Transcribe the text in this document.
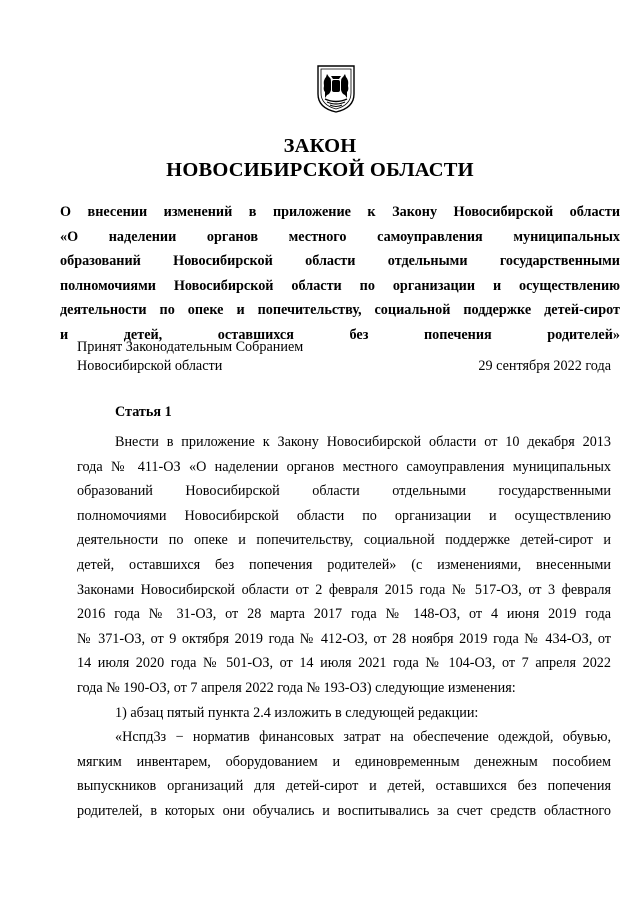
ЗАКОН
НОВОСИБИРСКОЙ ОБЛАСТИ
О внесении изменений в приложение к Закону Новосибирской области
«О наделении органов местного самоуправления муниципальных
образований Новосибирской области отдельными государственными
полномочиями Новосибирской области по организации и осуществлению
деятельности по опеке и попечительству, социальной поддержке детей-сирот
и детей, оставшихся без попечения родителей»
Принят Законодательным Собранием
Новосибирской области	29 сентября 2022 года
Статья 1
Внести в приложение к Закону Новосибирской области от 10 декабря 2013
года № 411-ОЗ «О наделении органов местного самоуправления муниципальных
образований Новосибирской области отдельными государственными
полномочиями Новосибирской области по организации и осуществлению
деятельности по опеке и попечительству, социальной поддержке детей-сирот и
детей, оставшихся без попечения родителей» (с изменениями, внесенными
Законами Новосибирской области от 2 февраля 2015 года № 517-ОЗ, от 3 февраля
2016 года № 31-ОЗ, от 28 марта 2017 года № 148-ОЗ, от 4 июня 2019 года
№ 371-ОЗ, от 9 октября 2019 года № 412-ОЗ, от 28 ноября 2019 года № 434-ОЗ, от
14 июля 2020 года № 501-ОЗ, от 14 июля 2021 года № 104-ОЗ, от 7 апреля 2022
года № 190-ОЗ, от 7 апреля 2022 года № 193-ОЗ) следующие изменения:
1) абзац пятый пункта 2.4 изложить в следующей редакции:
«Нспд3з − норматив финансовых затрат на обеспечение одеждой, обувью,
мягким инвентарем, оборудованием и единовременным денежным пособием
выпускников организаций для детей-сирот и детей, оставшихся без попечения
родителей, в которых они обучались и воспитывались за счет средств областного
